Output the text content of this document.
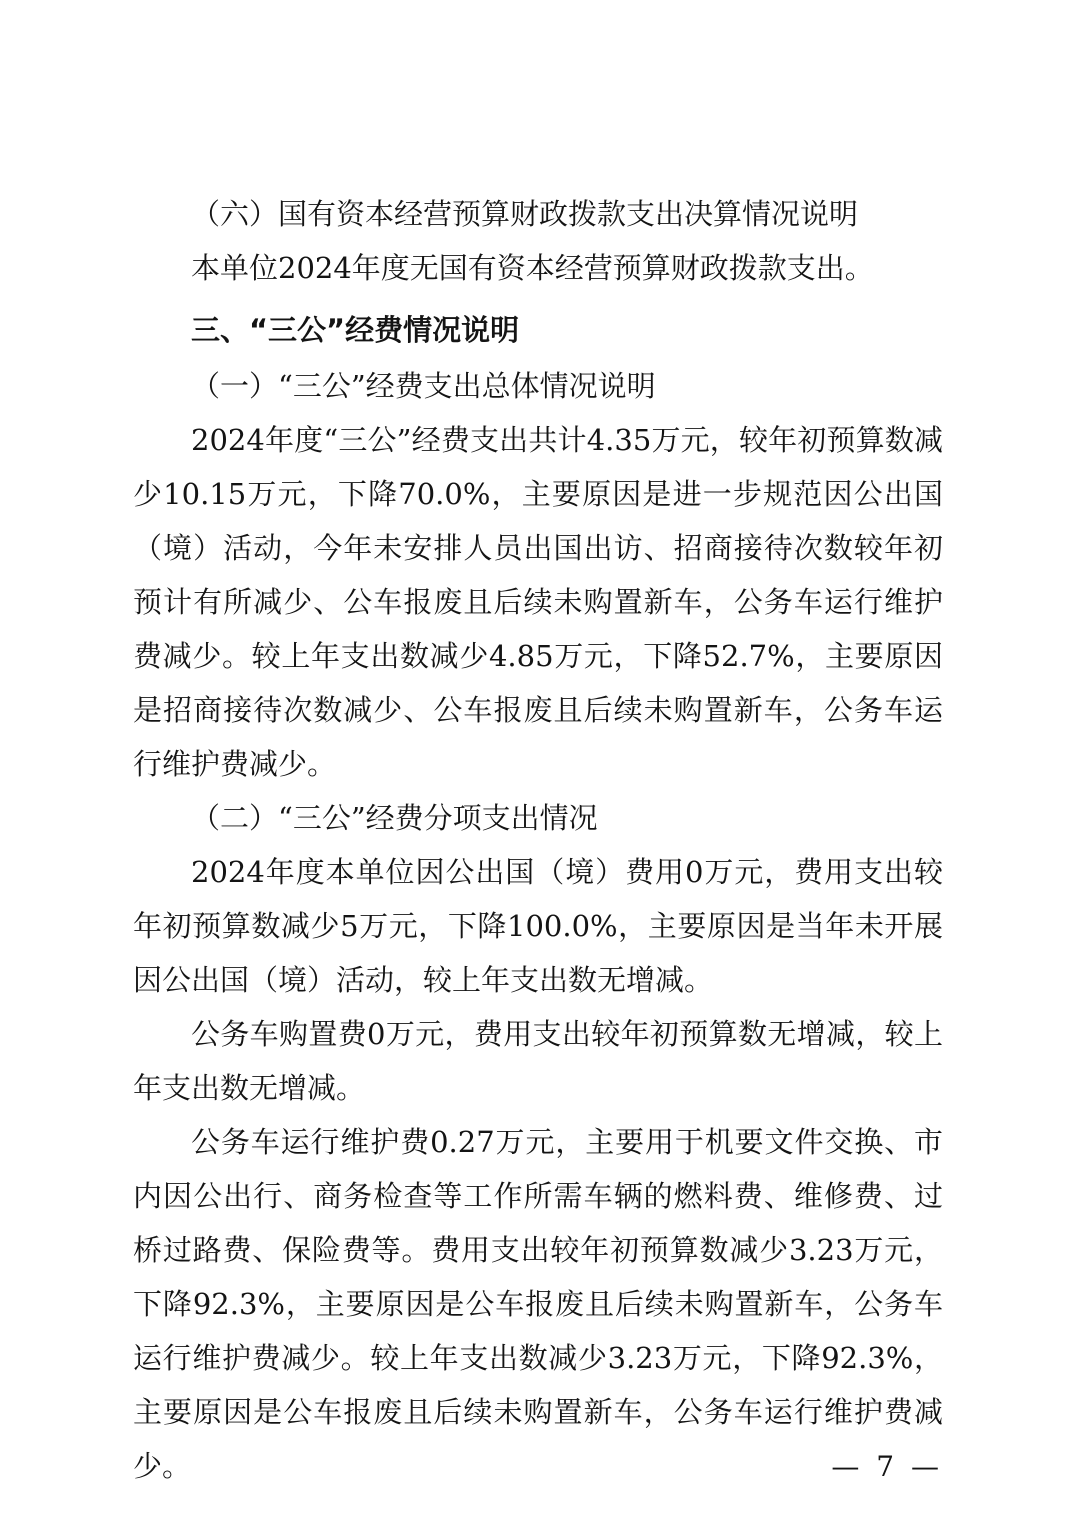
（六）国有资本经营预算财政拨款支出决算情况说明

本单位2024年度无国有资本经营预算财政拨款支出。

三、“三公”经费情况说明

（一）“三公”经费支出总体情况说明

2024年度“三公”经费支出共计4.35万元，较年初预算数减少10.15万元，下降70.0%，主要原因是进一步规范因公出国（境）活动，今年未安排人员出国出访、招商接待次数较年初预计有所减少、公车报废且后续未购置新车，公务车运行维护费减少。较上年支出数减少4.85万元，下降52.7%，主要原因是招商接待次数减少、公车报废且后续未购置新车，公务车运行维护费减少。

（二）“三公”经费分项支出情况

2024年度本单位因公出国（境）费用0万元，费用支出较年初预算数减少5万元，下降100.0%，主要原因是当年未开展因公出国（境）活动，较上年支出数无增减。

公务车购置费0万元，费用支出较年初预算数无增减，较上年支出数无增减。

公务车运行维护费0.27万元，主要用于机要文件交换、市内因公出行、商务检查等工作所需车辆的燃料费、维修费、过桥过路费、保险费等。费用支出较年初预算数减少3.23万元，下降92.3%，主要原因是公车报废且后续未购置新车，公务车运行维护费减少。较上年支出数减少3.23万元，下降92.3%，主要原因是公车报废且后续未购置新车，公务车运行维护费减少。	— 7 —
